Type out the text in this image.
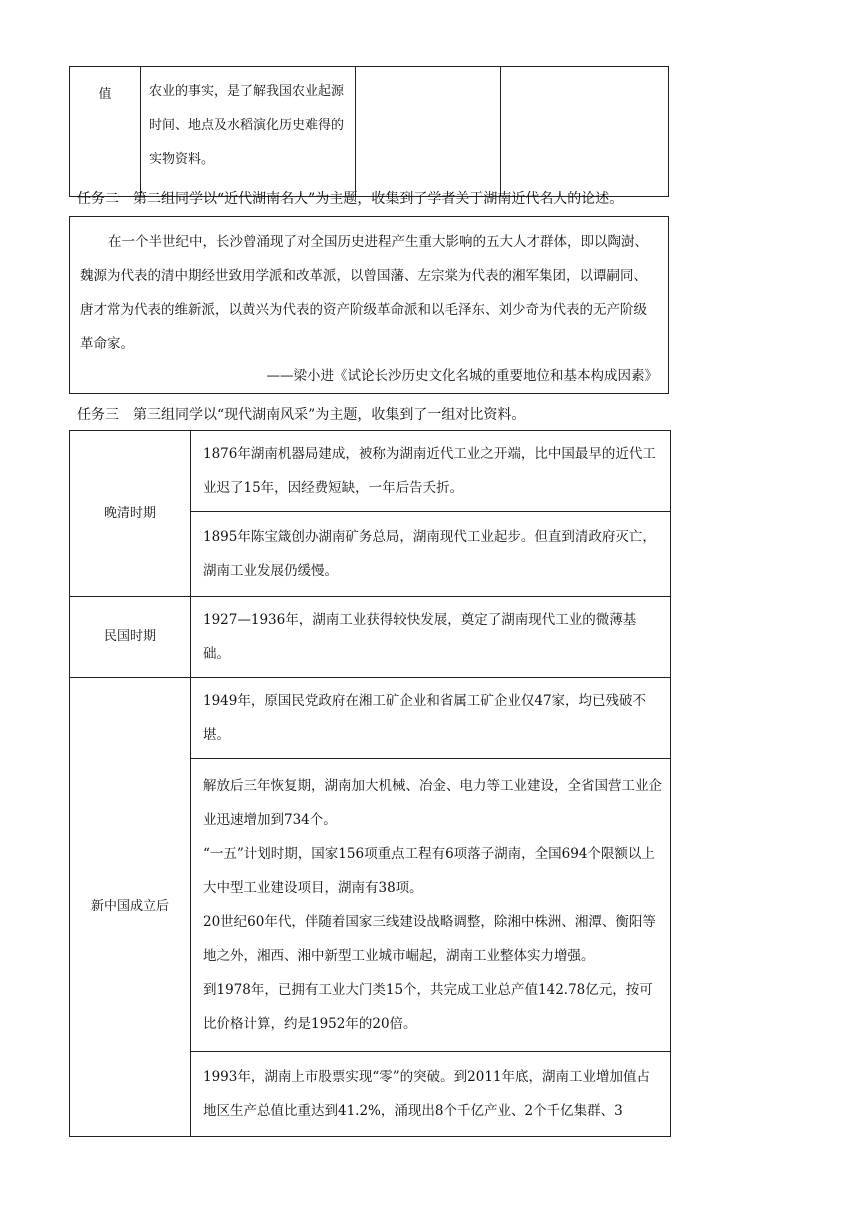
值	农业的事实，是了解我国农业起源时间、地点及水稻演化历史难得的实物资料。		
任务二　第二组同学以“近代湖南名人”为主题，收集到了学者关于湖南近代名人的论述。

在一个半世纪中，长沙曾涌现了对全国历史进程产生重大影响的五大人才群体，即以陶澍、魏源为代表的清中期经世致用学派和改革派，以曾国藩、左宗棠为代表的湘军集团，以谭嗣同、唐才常为代表的维新派，以黄兴为代表的资产阶级革命派和以毛泽东、刘少奇为代表的无产阶级革命家。

——梁小进《试论长沙历史文化名城的重要地位和基本构成因素》

任务三　第三组同学以“现代湖南风采”为主题，收集到了一组对比资料。
晚清时期	1876年湖南机器局建成，被称为湖南近代工业之开端，比中国最早的近代工业迟了15年，因经费短缺，一年后告夭折。
	1895年陈宝箴创办湖南矿务总局，湖南现代工业起步。但直到清政府灭亡，湖南工业发展仍缓慢。
民国时期	1927—1936年，湖南工业获得较快发展，奠定了湖南现代工业的微薄基础。
新中国成立后	1949年，原国民党政府在湘工矿企业和省属工矿企业仅47家，均已残破不堪。

	解放后三年恢复期，湖南加大机械、冶金、电力等工业建设，全省国营工业企业迅速增加到734个。

“一五”计划时期，国家156项重点工程有6项落子湖南，全国694个限额以上大中型工业建设项目，湖南有38项。

20世纪60年代，伴随着国家三线建设战略调整，除湘中株洲、湘潭、衡阳等地之外，湘西、湘中新型工业城市崛起，湖南工业整体实力增强。

到1978年，已拥有工业大门类15个，共完成工业总产值142.78亿元，按可比价格计算，约是1952年的20倍。

	1993年，湖南上市股票实现“零”的突破。到2011年底，湖南工业增加值占地区生产总值比重达到41.2%，涌现出8个千亿产业、2个千亿集群、3
